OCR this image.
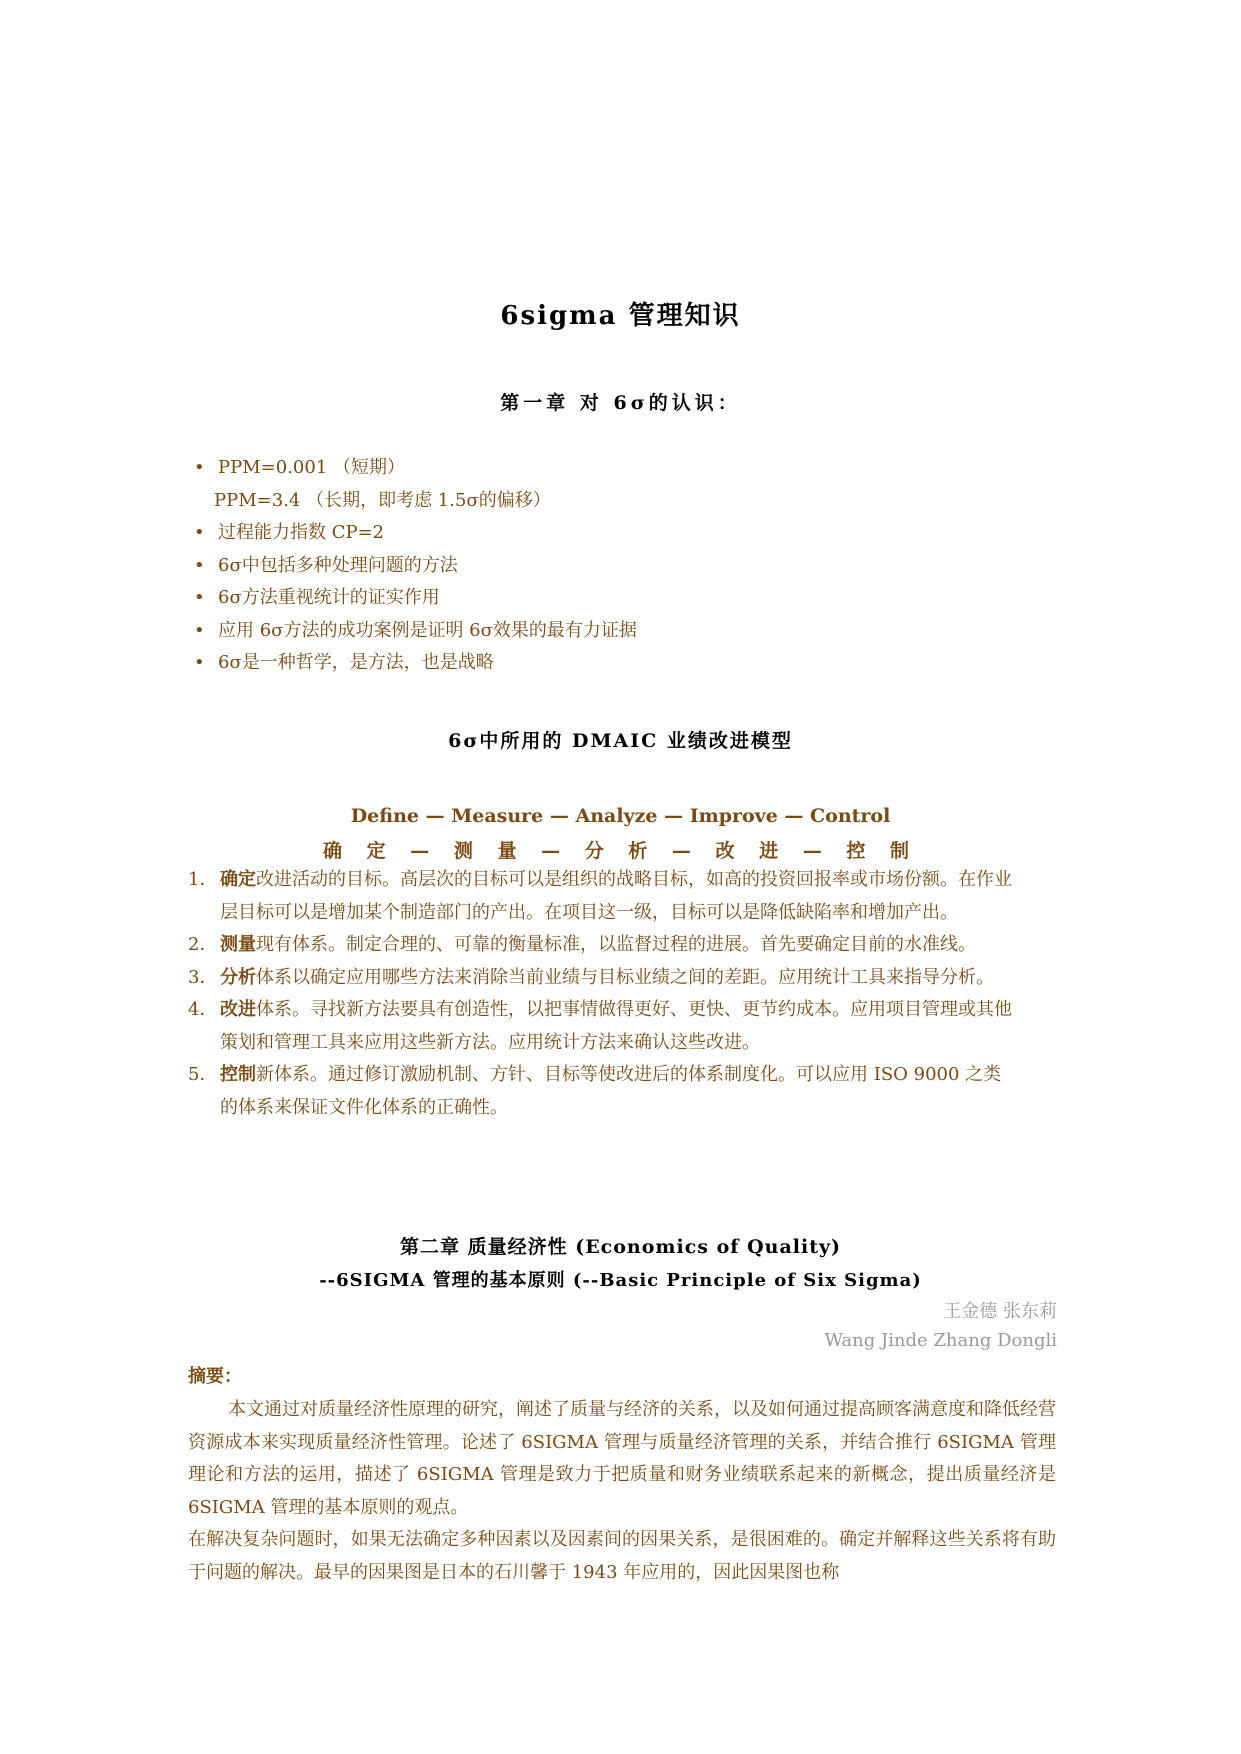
6sigma 管理知识
第一章 对 6σ的认识：
• PPM=0.001 （短期）
PPM=3.4 （长期，即考虑 1.5σ的偏移）
• 过程能力指数 CP=2
• 6σ中包括多种处理问题的方法
• 6σ方法重视统计的证实作用
• 应用 6σ方法的成功案例是证明 6σ效果的最有力证据
• 6σ是一种哲学，是方法，也是战略
6σ中所用的 DMAIC 业绩改进模型
Define — Measure — Analyze — Improve — Control
确 定 — 测 量 — 分 析 — 改 进 — 控 制
1． 确定改进活动的目标。高层次的目标可以是组织的战略目标，如高的投资回报率或市场份额。在作业层目标可以是增加某个制造部门的产出。在项目这一级，目标可以是降低缺陷率和增加产出。
2． 测量现有体系。制定合理的、可靠的衡量标准，以监督过程的进展。首先要确定目前的水准线。
3． 分析体系以确定应用哪些方法来消除当前业绩与目标业绩之间的差距。应用统计工具来指导分析。
4． 改进体系。寻找新方法要具有创造性，以把事情做得更好、更快、更节约成本。应用项目管理或其他策划和管理工具来应用这些新方法。应用统计方法来确认这些改进。
5． 控制新体系。通过修订激励机制、方针、目标等使改进后的体系制度化。可以应用 ISO 9000 之类的体系来保证文件化体系的正确性。
第二章 质量经济性 (Economics of Quality)
--6SIGMA 管理的基本原则 (--Basic Principle of Six Sigma)
王金德 张东莉
Wang Jinde Zhang Dongli
摘要：

本文通过对质量经济性原理的研究，阐述了质量与经济的关系，以及如何通过提高顾客满意度和降低经营资源成本来实现质量经济性管理。论述了 6SIGMA 管理与质量经济管理的关系，并结合推行 6SIGMA 管理理论和方法的运用，描述了 6SIGMA 管理是致力于把质量和财务业绩联系起来的新概念，提出质量经济是 6SIGMA 管理的基本原则的观点。

在解决复杂问题时，如果无法确定多种因素以及因素间的因果关系，是很困难的。确定并解释这些关系将有助于问题的解决。最早的因果图是日本的石川馨于 1943 年应用的，因此因果图也称
